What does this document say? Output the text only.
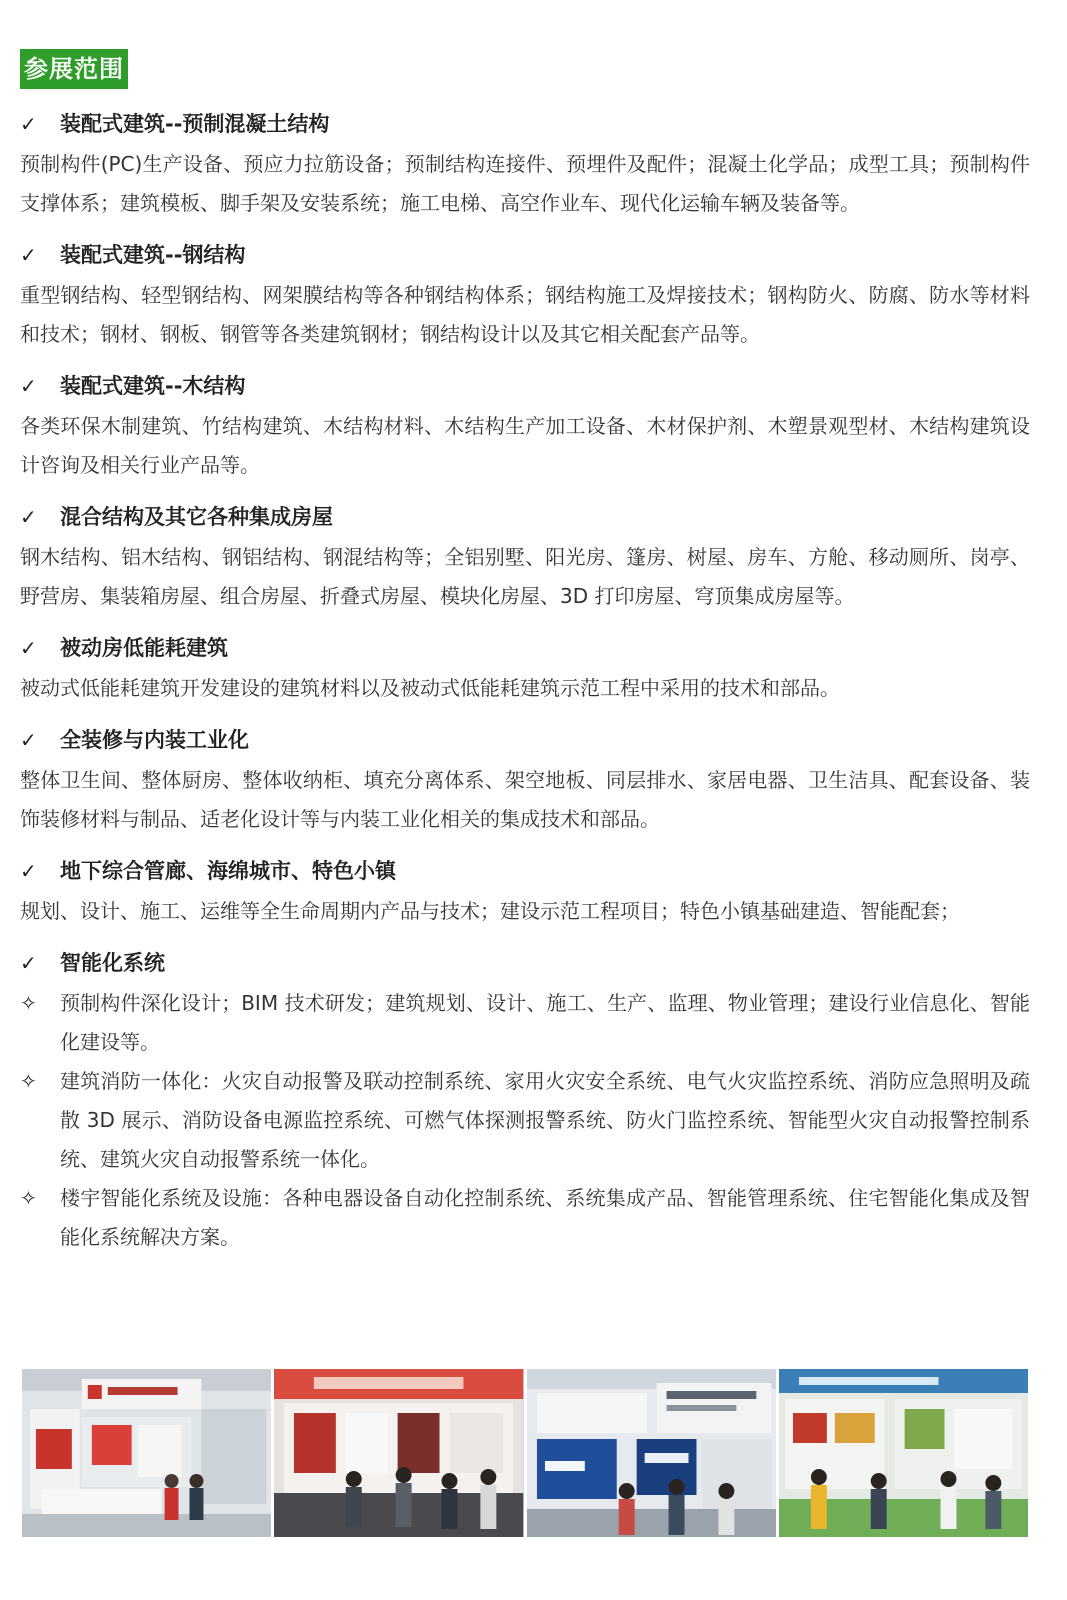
参展范围
✓	装配式建筑--预制混凝土结构
预制构件(PC)生产设备、预应力拉筋设备；预制结构连接件、预埋件及配件；混凝土化学品；成型工具；预制构件支撑体系；建筑模板、脚手架及安装系统；施工电梯、高空作业车、现代化运输车辆及装备等。
✓	装配式建筑--钢结构
重型钢结构、轻型钢结构、网架膜结构等各种钢结构体系；钢结构施工及焊接技术；钢构防火、防腐、防水等材料和技术；钢材、钢板、钢管等各类建筑钢材；钢结构设计以及其它相关配套产品等。
✓	装配式建筑--木结构
各类环保木制建筑、竹结构建筑、木结构材料、木结构生产加工设备、木材保护剂、木塑景观型材、木结构建筑设计咨询及相关行业产品等。
✓	混合结构及其它各种集成房屋
钢木结构、铝木结构、钢铝结构、钢混结构等；全铝别墅、阳光房、篷房、树屋、房车、方舱、移动厕所、岗亭、野营房、集装箱房屋、组合房屋、折叠式房屋、模块化房屋、3D 打印房屋、穹顶集成房屋等。
✓	被动房低能耗建筑
被动式低能耗建筑开发建设的建筑材料以及被动式低能耗建筑示范工程中采用的技术和部品。
✓	全装修与内装工业化
整体卫生间、整体厨房、整体收纳柜、填充分离体系、架空地板、同层排水、家居电器、卫生洁具、配套设备、装饰装修材料与制品、适老化设计等与内装工业化相关的集成技术和部品。
✓	地下综合管廊、海绵城市、特色小镇
规划、设计、施工、运维等全生命周期内产品与技术；建设示范工程项目；特色小镇基础建造、智能配套；
✓	智能化系统
✧	预制构件深化设计；BIM 技术研发；建筑规划、设计、施工、生产、监理、物业管理；建设行业信息化、智能化建设等。
✧	建筑消防一体化：火灾自动报警及联动控制系统、家用火灾安全系统、电气火灾监控系统、消防应急照明及疏散 3D 展示、消防设备电源监控系统、可燃气体探测报警系统、防火门监控系统、智能型火灾自动报警控制系统、建筑火灾自动报警系统一体化。
✧	楼宇智能化系统及设施：各种电器设备自动化控制系统、系统集成产品、智能管理系统、住宅智能化集成及智能化系统解决方案。
